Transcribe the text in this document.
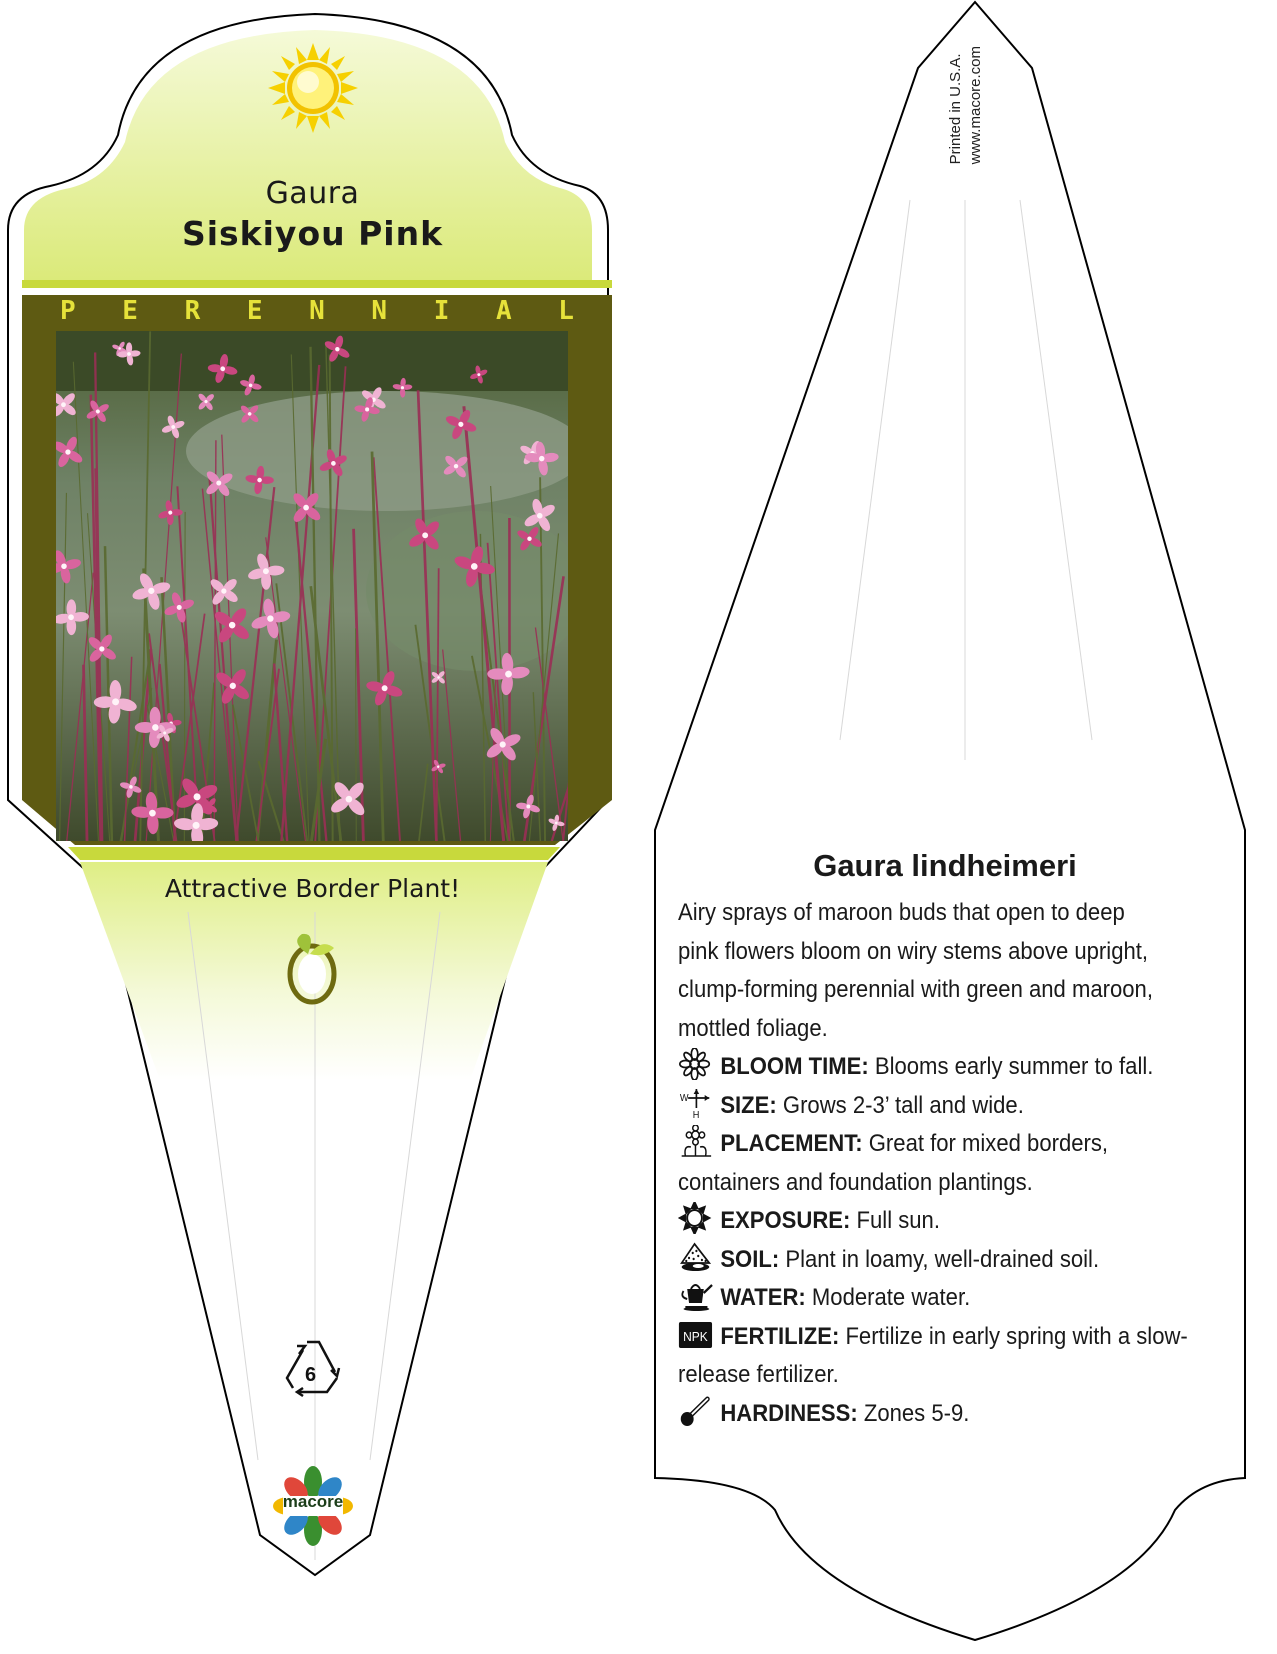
Gaura
Siskiyou Pink
P E R E N N I A L
Attractive Border Plant!
6
macore
Printed in U.S.A. www.macore.com
Gaura lindheimeri

Airy sprays of maroon buds that open to deep pink flowers bloom on wiry stems above upright, clump-forming perennial with green and maroon, mottled foliage.

BLOOM TIME: Blooms early summer to fall.
W
H SIZE: Grows 2-3’ tall and wide.
PLACEMENT: Great for mixed borders, containers and foundation plantings.
EXPOSURE: Full sun.
SOIL: Plant in loamy, well-drained soil.
WATER: Moderate water.
NPK FERTILIZE: Fertilize in early spring with a slow-release fertilizer.
HARDINESS: Zones 5-9.
